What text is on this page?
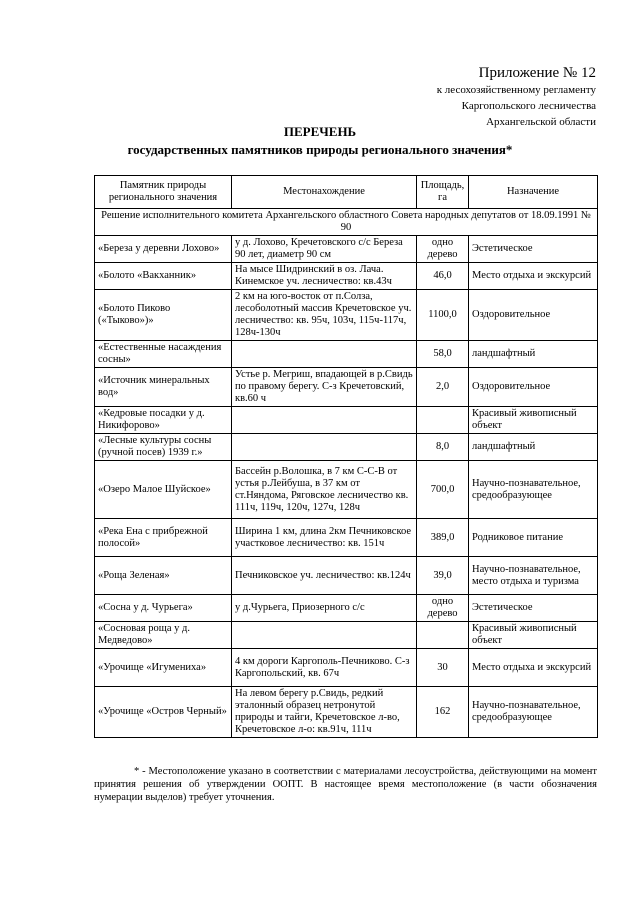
Приложение № 12
к лесохозяйственному регламенту
Каргопольского лесничества
Архангельской области
ПЕРЕЧЕНЬ
государственных памятников природы регионального значения*
Памятник природы регионального значения	Местонахождение	Площадь, га	Назначение
Решение исполнительного комитета Архангельского областного Совета народных депутатов от 18.09.1991 № 90			
«Береза у деревни Лохово»	у д. Лохово, Кречетовского с/с Береза 90 лет, диаметр 90 см	одно дерево	Эстетическое
«Болото «Вакханник»	На мысе Шидринский в оз. Лача. Кинемское уч. лесничество: кв.43ч	46,0	Место отдыха и экскурсий
«Болото Пиково («Тыково»)»	2 км на юго-восток от п.Солза, лесоболотный массив Кречетовское уч. лесничество: кв. 95ч, 103ч, 115ч-117ч, 128ч-130ч	1100,0	Оздоровительное
«Естественные насаждения сосны»		58,0	ландшафтный
«Источник минеральных вод»	Устье р. Мегриш, впадающей в р.Свидь по правому берегу. С-з Кречетовский, кв.60 ч	2,0	Оздоровительное
«Кедровые посадки у д. Никифорово»			Красивый живописный объект
«Лесные культуры сосны (ручной посев) 1939 г.»		8,0	ландшафтный
«Озеро Малое Шуйское»	Бассейн р.Волошка, в 7 км С-С-В от устья р.Лейбуша, в 37 км от ст.Няндома, Ряговское лесничество кв. 111ч, 119ч, 120ч, 127ч, 128ч	700,0	Научно-познавательное, средообразующее
«Река Ена с прибрежной полосой»	Ширина 1 км, длина 2км Печниковское участковое лесничество: кв. 151ч	389,0	Родниковое питание
«Роща Зеленая»	Печниковское уч. лесничество: кв.124ч	39,0	Научно-познавательное, место отдыха и туризма
«Сосна у д. Чурьега»	у д.Чурьега, Приозерного с/с	одно дерево	Эстетическое
«Сосновая роща у д. Медведово»			Красивый живописный объект
«Урочище «Игумениха»	4 км дороги Каргополь-Печниково. С-з Каргопольский, кв. 67ч	30	Место отдыха и экскурсий
«Урочище «Остров Черный»	На левом берегу р.Свидь, редкий эталонный образец нетронутой природы и тайги, Кречетовское л-во, Кречетовское л-о: кв.91ч, 111ч	162	Научно-познавательное, средообразующее
* - Местоположение указано в соответствии с материалами лесоустройства, действующими на момент принятия решения об утверждении ООПТ. В настоящее время местоположение (в части обозначения нумерации выделов) требует уточнения.
